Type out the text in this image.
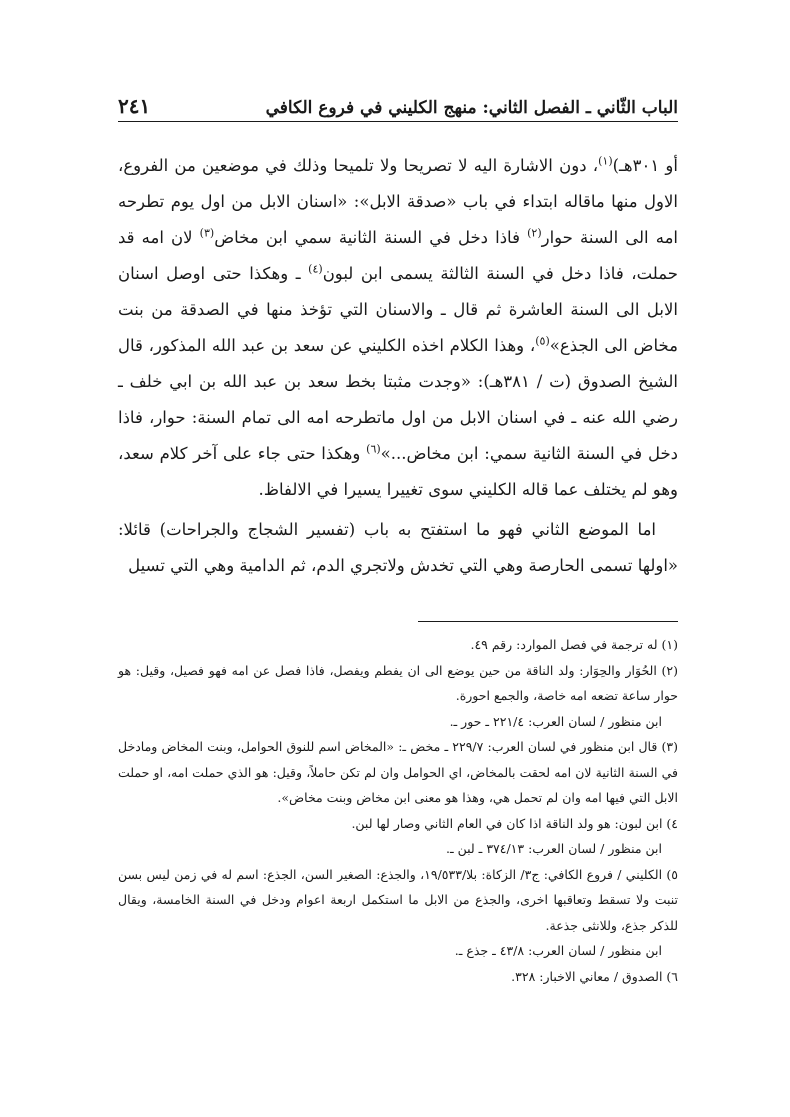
٢٤١	الباب الثّاني ـ الفصل الثاني: منهج الكليني في فروع الكافي

أو ٣٠١هـ)$^{(١)}$، دون الاشارة اليه لا تصريحا ولا تلميحا وذلك في موضعين من الفروع، الاول منها ماقاله ابتداء في باب «صدقة الابل»: «اسنان الابل من اول يوم تطرحه امه الى السنة حوار$^{(٢)}$ فاذا دخل في السنة الثانية سمي ابن مخاض$^{(٣)}$ لان امه قد حملت، فاذا دخل في السنة الثالثة يسمى ابن لبون$^{(٤)}$ ـ وهكذا حتى اوصل اسنان الابل الى السنة العاشرة ثم قال ـ والاسنان التي تؤخذ منها في الصدقة من بنت مخاض الى الجذع»$^{(٥)}$، وهذا الكلام اخذه الكليني عن سعد بن عبد الله المذكور، قال الشيخ الصدوق (ت / ٣٨١هـ): «وجدت مثبتا بخط سعد بن عبد الله بن ابي خلف ـ رضي الله عنه ـ في اسنان الابل من اول ماتطرحه امه الى تمام السنة: حوار، فاذا دخل في السنة الثانية سمي: ابن مخاض...»$^{(٦)}$ وهكذا حتى جاء على آخر كلام سعد، وهو لم يختلف عما قاله الكليني سوى تغييرا يسيرا في الالفاظ.

اما الموضع الثاني فهو ما استفتح به باب (تفسير الشجاج والجراحات) قائلا: «اولها تسمى الحارصة وهي التي تخدش ولاتجري الدم، ثم الدامية وهي التي تسيل

(١) له ترجمة في فصل الموارد: رقم ٤٩.
(٢) الحُوَار والحِوَار: ولد الناقة من حين يوضع الى ان يفطم ويفصل، فاذا فصل عن امه فهو فصيل، وقيل: هو حوار ساعة تضعه امه خاصة، والجمع احورة.
ابن منظور / لسان العرب: ٢٢١/٤ ـ حور ـ.
(٣) قال ابن منظور في لسان العرب: ٢٢٩/٧ ـ مخض ـ: «المخاض اسم للنوق الحوامل، وبنت المخاض ومادخل في السنة الثانية لان امه لحقت بالمخاض، اي الحوامل وان لم تكن حاملاً، وقيل: هو الذي حملت امه، او حملت الابل التي فيها امه وان لم تحمل هي، وهذا هو معنى ابن مخاض وبنت مخاض».
٤) ابن لبون: هو ولد الناقة اذا كان في العام الثاني وصار لها لبن.
ابن منظور / لسان العرب: ٣٧٤/١٣ ـ لبن ـ.
٥) الكليني / فروع الكافي: ج٣/ الزكاة: بلا/١٩/٥٣٣، والجذع: الصغير السن، الجذع: اسم له في زمن ليس بسن تنبت ولا تسقط وتعاقبها اخرى، والجذع من الابل ما استكمل اربعة اعوام ودخل في السنة الخامسة، ويقال للذكر جذع، وللانثى جذعة.
ابن منظور / لسان العرب: ٤٣/٨ ـ جذع ـ.
٦) الصدوق / معاني الاخبار: ٣٢٨.
